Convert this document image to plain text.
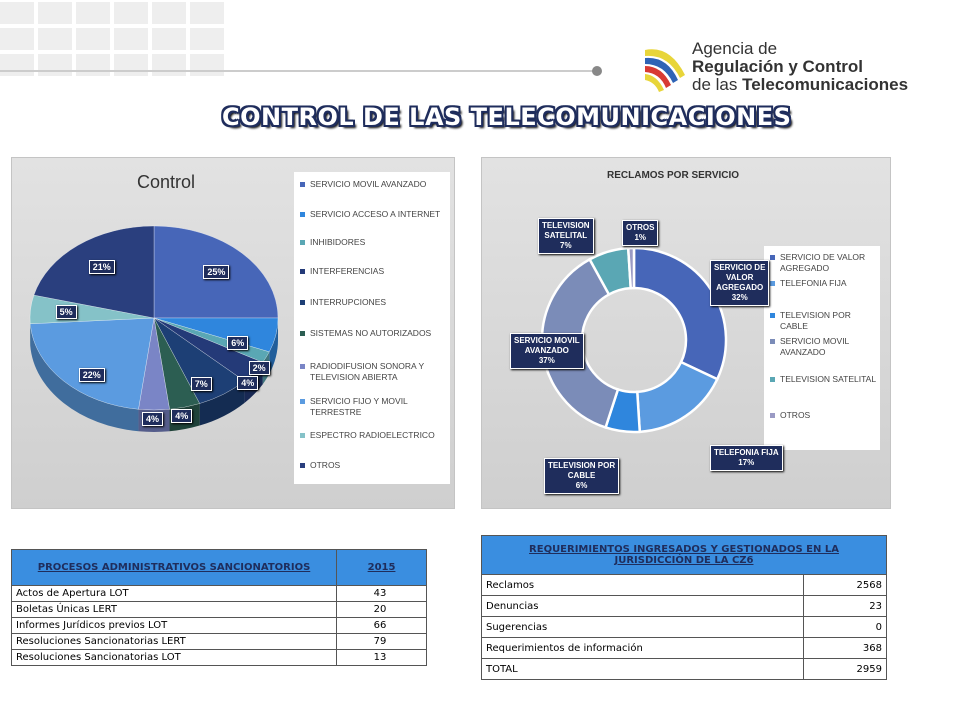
Agencia de
Regulación y Control
de las Telecomunicaciones
CONTROL DE LAS TELECOMUNICACIONES
Control	SERVICIO MOVIL AVANZADO
SERVICIO ACCESO A INTERNET
INHIBIDORES
INTERFERENCIAS
INTERRUPCIONES
SISTEMAS NO AUTORIZADOS
RADIODIFUSION SONORA Y TELEVISION ABIERTA
SERVICIO FIJO Y MOVIL TERRESTRE
ESPECTRO RADIOELECTRICO
OTROS
25%
6%
2%
4%
7%
4%
4%
22%
5%
21%
RECLAMOS POR SERVICIO
SERVICIO DE VALOR AGREGADO
TELEFONIA FIJA
TELEVISION POR CABLE
SERVICIO MOVIL AVANZADO
TELEVISION SATELITAL
OTROS
SERVICIO DE
VALOR
AGREGADO
32%
TELEFONIA FIJA
17%
TELEVISION POR
CABLE
6%
SERVICIO MOVIL
AVANZADO
37%
TELEVISION
SATELITAL
7%
OTROS
1%
PROCESOS ADMINISTRATIVOS SANCIONATORIOS	2015
Actos de Apertura LOT	43
Boletas Únicas LERT	20
Informes Jurídicos previos LOT	66
Resoluciones Sancionatorias LERT	79
Resoluciones Sancionatorias LOT	13
REQUERIMIENTOS INGRESADOS Y GESTIONADOS EN LA JURISDICCIÓN DE LA CZ6	
Reclamos	2568
Denuncias	23
Sugerencias	0
Requerimientos de información	368
TOTAL	2959
